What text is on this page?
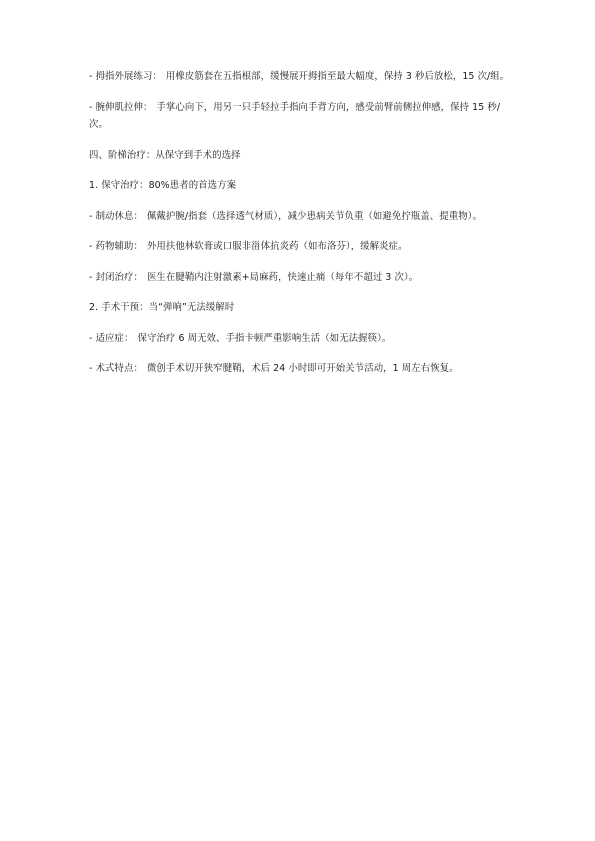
- 拇指外展练习： 用橡皮筋套在五指根部，缓慢展开拇指至最大幅度，保持 3 秒后放松，15 次/组。

- 腕伸肌拉伸： 手掌心向下，用另一只手轻拉手指向手背方向，感受前臂前侧拉伸感，保持 15 秒/次。

四、阶梯治疗：从保守到手术的选择

1. 保守治疗：80%患者的首选方案

- 制动休息： 佩戴护腕/指套（选择透气材质），减少患病关节负重（如避免拧瓶盖、提重物）。

- 药物辅助： 外用扶他林软膏或口服非甾体抗炎药（如布洛芬），缓解炎症。

- 封闭治疗： 医生在腱鞘内注射激素+局麻药，快速止痛（每年不超过 3 次）。

2. 手术干预：当“弹响”无法缓解时

- 适应症： 保守治疗 6 周无效、手指卡顿严重影响生活（如无法握筷）。

- 术式特点： 微创手术切开狭窄腱鞘，术后 24 小时即可开始关节活动，1 周左右恢复。
